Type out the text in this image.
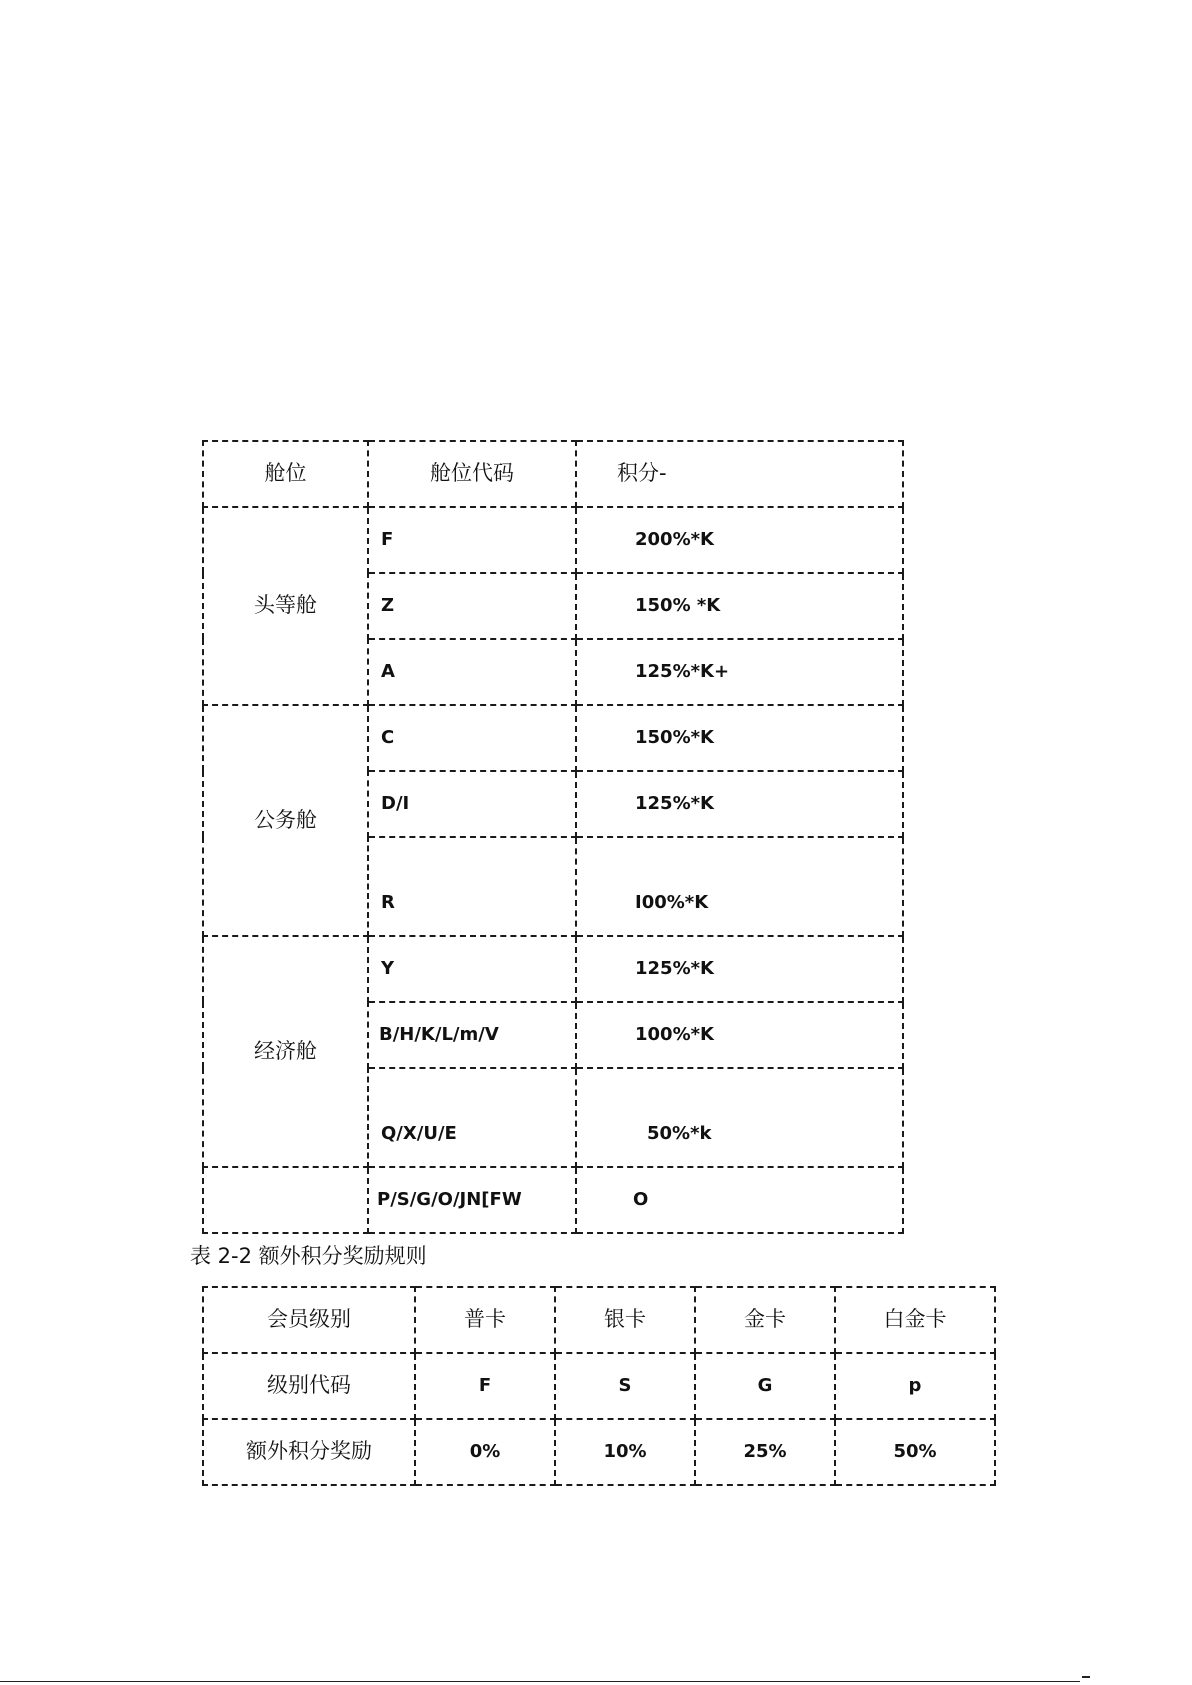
舱位	舱位代码	积分-
头等舱	F	200%*K
	Z	150% *K
	A	125%*K+
公务舱	C	150%*K
	D/I	125%*K
	R	I00%*K
经济舱	Y	125%*K
	B/H/K/L/m/V	100%*K
	Q/X/U/E	50%*k
	P/S/G/O/JN[FW	O
表 2-2 额外积分奖励规则
会员级别	普卡	银卡	金卡	白金卡
级别代码	F	S	G	p
额外积分奖励	0%	10%	25%	50%
